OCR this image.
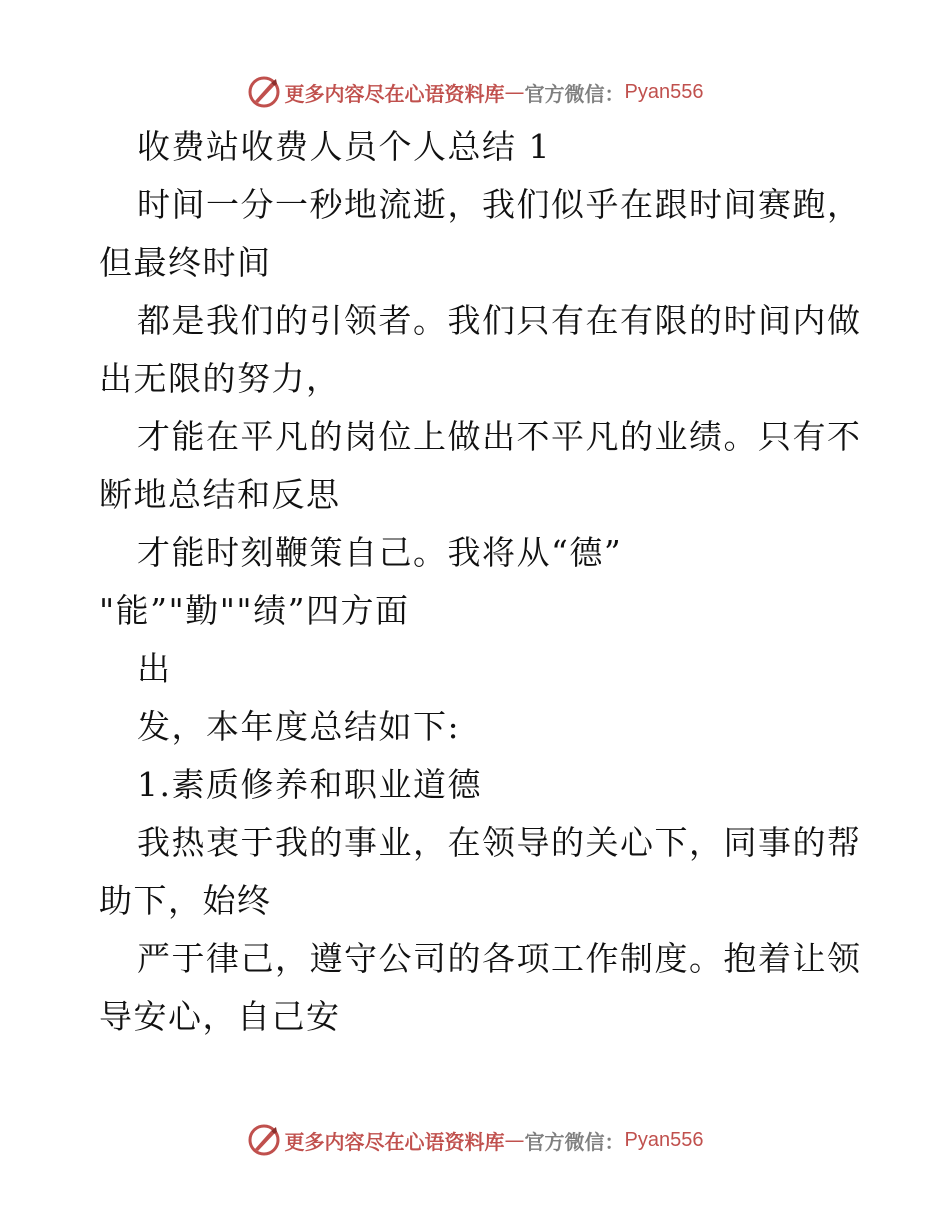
更多内容尽在心语资料库 — 官方微信： Pyan556
收费站收费人员个人总结 1
时间一分一秒地流逝，我们似乎在跟时间赛跑，
但最终时间
都是我们的引领者。我们只有在有限的时间内做
出无限的努力，
才能在平凡的岗位上做出不平凡的业绩。只有不
断地总结和反思
才能时刻鞭策自己。我将从“德”
"能”"勤""绩”四方面
出
发，本年度总结如下:
1.素质修养和职业道德
我热衷于我的事业，在领导的关心下，同事的帮
助下，始终
严于律己，遵守公司的各项工作制度。抱着让领
导安心，自己安
更多内容尽在心语资料库 — 官方微信： Pyan556
